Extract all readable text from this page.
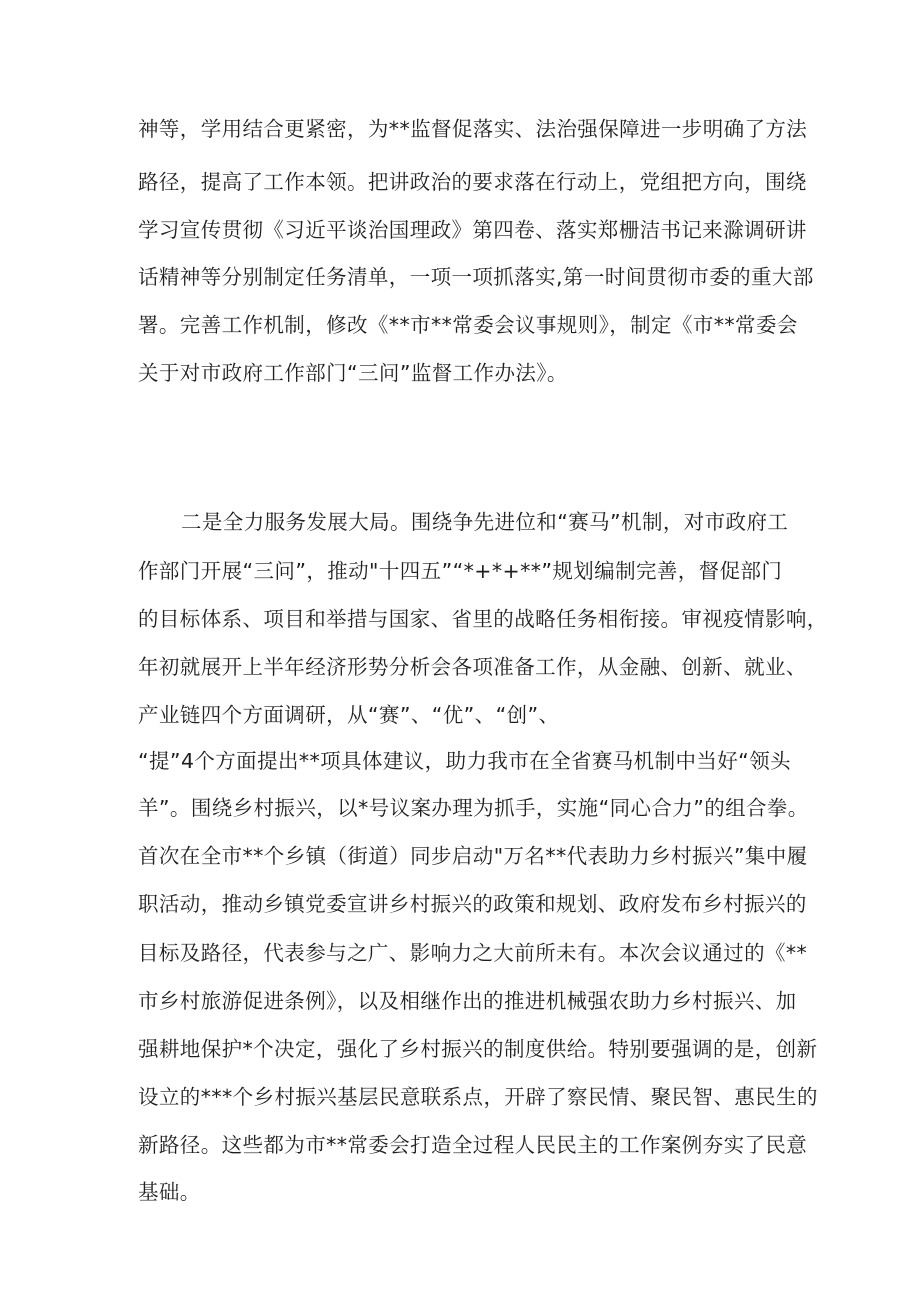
神等，学用结合更紧密，为**监督促落实、法治强保障进一步明确了方法

路径，提高了工作本领。把讲政治的要求落在行动上，党组把方向，围绕

学习宣传贯彻《习近平谈治国理政》第四卷、落实郑栅洁书记来滁调研讲

话精神等分别制定任务清单，一项一项抓落实,第一时间贯彻市委的重大部

署。完善工作机制，修改《**市**常委会议事规则》，制定《市**常委会

关于对市政府工作部门“三问”监督工作办法》。

二是全力服务发展大局。围绕争先进位和“赛马”机制，对市政府工

作部门开展“三问”，推动"十四五”“*+*+**”规划编制完善，督促部门

的目标体系、项目和举措与国家、省里的战略任务相衔接。审视疫情影响，

年初就展开上半年经济形势分析会各项准备工作，从金融、创新、就业、

产业链四个方面调研，从“赛”、“优”、“创”、

“提”4个方面提出**项具体建议，助力我市在全省赛马机制中当好“领头

羊”。围绕乡村振兴，以*号议案办理为抓手，实施“同心合力”的组合拳。

首次在全市**个乡镇（街道）同步启动"万名**代表助力乡村振兴”集中履

职活动，推动乡镇党委宣讲乡村振兴的政策和规划、政府发布乡村振兴的

目标及路径，代表参与之广、影响力之大前所未有。本次会议通过的《**

市乡村旅游促进条例》，以及相继作出的推进机械强农助力乡村振兴、加

强耕地保护*个决定，强化了乡村振兴的制度供给。特别要强调的是，创新

设立的***个乡村振兴基层民意联系点，开辟了察民情、聚民智、惠民生的

新路径。这些都为市**常委会打造全过程人民民主的工作案例夯实了民意

基础。
